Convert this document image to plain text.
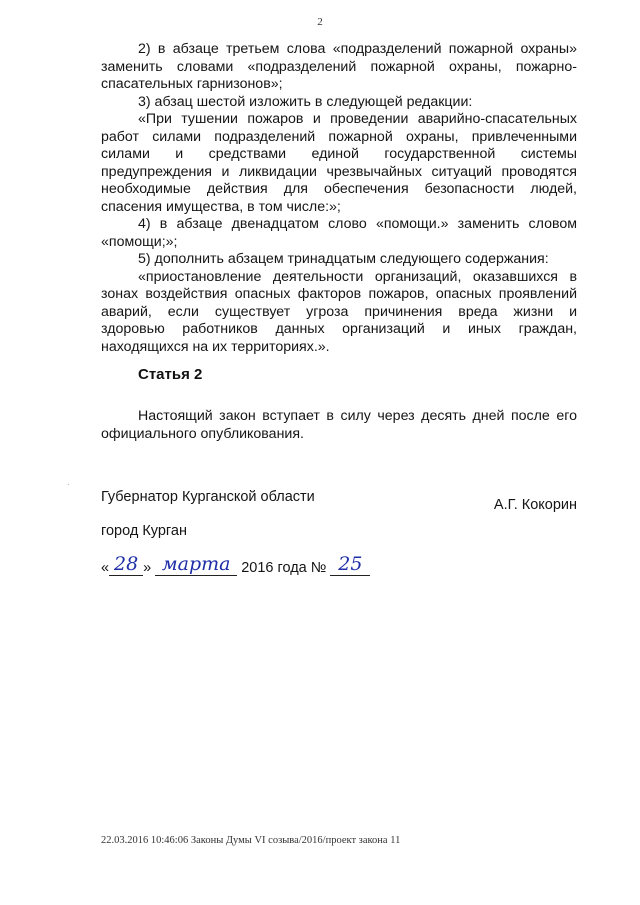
2
2) в абзаце третьем слова «подразделений пожарной охраны»
заменить словами «подразделений пожарной охраны, пожарно-
спасательных гарнизонов»;
3) абзац шестой изложить в следующей редакции:
«При тушении пожаров и проведении аварийно-спасательных
работ силами подразделений пожарной охраны, привлеченными
силами и средствами единой государственной системы
предупреждения и ликвидации чрезвычайных ситуаций проводятся
необходимые действия для обеспечения безопасности людей,
спасения имущества, в том числе:»;
4) в абзаце двенадцатом слово «помощи.» заменить словом
«помощи;»;
5) дополнить абзацем тринадцатым следующего содержания:
«приостановление деятельности организаций, оказавшихся в
зонах воздействия опасных факторов пожаров, опасных проявлений
аварий, если существует угроза причинения вреда жизни и
здоровью работников данных организаций и иных граждан,
находящихся на их территориях.».
Статья 2
Настоящий закон вступает в силу через десять дней после его
официального опубликования.
·
Губернатор Курганской области	А.Г. Кокорин
город Курган
« 28 » марта 2016 года № 25
22.03.2016 10:46:06 Законы Думы VI созыва/2016/проект закона 11
